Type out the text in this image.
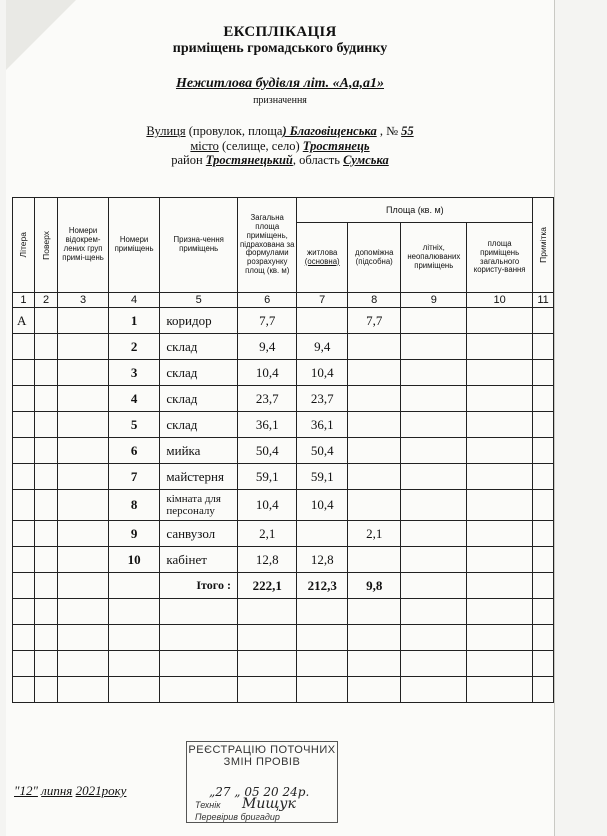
ЕКСПЛІКАЦІЯ
приміщень громадського будинку
Нежитлова будівля літ. «А,а,а1»
призначення
Вулиця (провулок, площа) Благовіщенська , № 55
місто (селище, село) Тростянець
район Тростянецький, область Сумська
Літера	Поверх	Номери відокрем-лених груп примі-щень	Номери приміщень	Призна-чення приміщень	Загальна площа приміщень, підрахована за формулами розрахунку площ (кв. м)	Площа (кв. м)				Примітка

						житлова
(основна)	допоміжна (підсобна)	літніх, неопалюваних приміщень	площа приміщень загального користу-вання	
1	2	3	4	5	6	7	8	9	10	11
А			1	коридор	7,7		7,7			
			2	склад	9,4	9,4				
			3	склад	10,4	10,4				
			4	склад	23,7	23,7				
			5	склад	36,1	36,1				
			6	мийка	50,4	50,4				
			7	майстерня	59,1	59,1				
			8	кімната для персоналу	10,4	10,4				
			9	санвузол	2,1		2,1			
			10	кабінет	12,8	12,8				
				Ітого :	222,1	212,3	9,8			

"12" липня 2021року
РЕЄСТРАЦІЮ ПОТОЧНИХ ЗМІН ПРОВІВ
„27 „ 05 20 24р.
Технік Мищук
Перевірив бригадир
